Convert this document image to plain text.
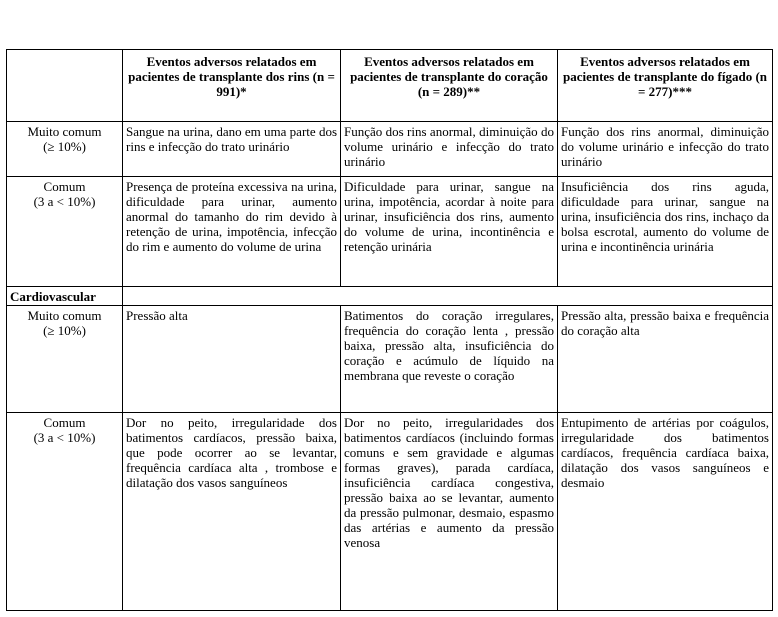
	Eventos adversos relatados em pacientes de transplante dos rins (n = 991)*	Eventos adversos relatados em pacientes de transplante do coração (n = 289)**	Eventos adversos relatados em pacientes de transplante do fígado (n = 277)***

Muito comum
(≥ 10%)	Sangue na urina, dano em uma parte dos rins e infecção do trato urinário	Função dos rins anormal, diminuição do volume urinário e infecção do trato urinário	Função dos rins anormal, diminuição do volume urinário e infecção do trato urinário

Comum
(3 a < 10%)	Presença de proteína excessiva na urina, dificuldade para urinar, aumento anormal do tamanho do rim devido à retenção de urina, impotência, infecção do rim e aumento do volume de urina	Dificuldade para urinar, sangue na urina, impotência, acordar à noite para urinar, insuficiência dos rins, aumento do volume de urina, incontinência e retenção urinária	Insuficiência dos rins aguda, dificuldade para urinar, sangue na urina, insuficiência dos rins, inchaço da bolsa escrotal, aumento do volume de urina e incontinência urinária
Cardiovascular			

Muito comum
(≥ 10%)	Pressão alta	Batimentos do coração irregulares, frequência do coração lenta , pressão baixa, pressão alta, insuficiência do coração e acúmulo de líquido na membrana que reveste o coração	Pressão alta, pressão baixa e frequência do coração alta

Comum
(3 a < 10%)	Dor no peito, irregularidade dos batimentos cardíacos, pressão baixa, que pode ocorrer ao se levantar, frequência cardíaca alta , trombose e dilatação dos vasos sanguíneos	Dor no peito, irregularidades dos batimentos cardíacos (incluindo formas comuns e sem gravidade e algumas formas graves), parada cardíaca, insuficiência cardíaca congestiva, pressão baixa ao se levantar, aumento da pressão pulmonar, desmaio, espasmo das artérias e aumento da pressão venosa	Entupimento de artérias por coágulos, irregularidade dos batimentos cardíacos, frequência cardíaca baixa, dilatação dos vasos sanguíneos e desmaio
